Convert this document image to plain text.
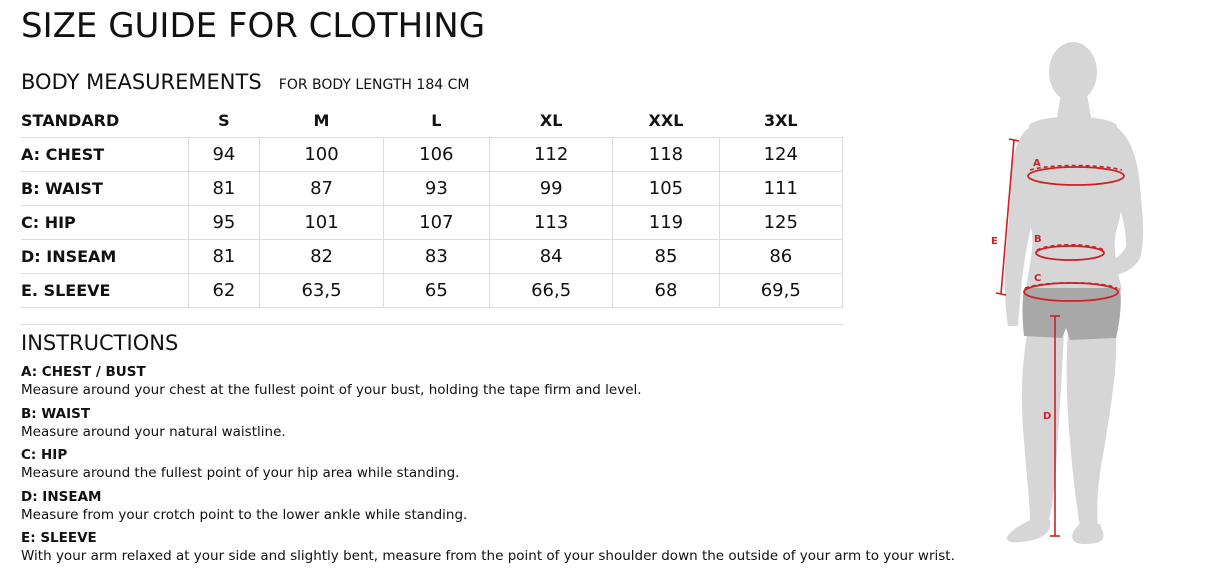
SIZE GUIDE FOR CLOTHING
BODY MEASUREMENTS FOR BODY LENGTH 184 CM
STANDARD	S	M	L	XL	XXL	3XL
A: CHEST	94	100	106	112	118	124
B: WAIST	81	87	93	99	105	111
C: HIP	95	101	107	113	119	125
D: INSEAM	81	82	83	84	85	86
E. SLEEVE	62	63,5	65	66,5	68	69,5
INSTRUCTIONS
A: CHEST / BUST
Measure around your chest at the fullest point of your bust, holding the tape firm and level.
B: WAIST
Measure around your natural waistline.
C: HIP
Measure around the fullest point of your hip area while standing.
D: INSEAM
Measure from your crotch point to the lower ankle while standing.
E: SLEEVE
With your arm relaxed at your side and slightly bent, measure from the point of your shoulder down the outside of your arm to your wrist.
A
B
C
D
E
